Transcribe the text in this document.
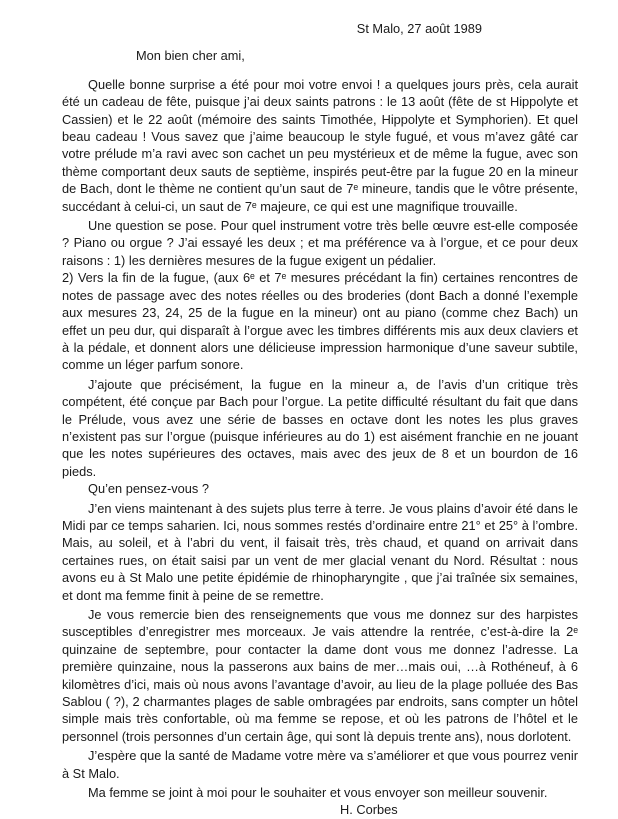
St Malo, 27 août 1989

Mon bien cher ami,

Quelle bonne surprise a été pour moi votre envoi ! a quelques jours près, cela aurait été un cadeau de fête, puisque j’ai deux saints patrons : le 13 août (fête de st Hippolyte et Cassien) et le 22 août (mémoire des saints Timothée, Hippolyte et Symphorien). Et quel beau cadeau ! Vous savez que j’aime beaucoup le style fugué, et vous m’avez gâté car votre prélude m’a ravi avec son cachet un peu mystérieux et de même la fugue, avec son thème comportant deux sauts de septième, inspirés peut-être par la fugue 20 en la mineur de Bach, dont le thème ne contient qu’un saut de 7ᵉ mineure, tandis que le vôtre présente, succédant à celui-ci, un saut de 7ᵉ majeure, ce qui est une magnifique trouvaille.

Une question se pose. Pour quel instrument votre très belle œuvre est-elle composée ? Piano ou orgue ? J’ai essayé les deux ; et ma préférence va à l’orgue, et ce pour deux raisons : 1) les dernières mesures de la fugue exigent un pédalier.

2) Vers la fin de la fugue, (aux 6ᵉ et 7ᵉ mesures précédant la fin) certaines rencontres de notes de passage avec des notes réelles ou des broderies (dont Bach a donné l’exemple aux mesures 23, 24, 25 de la fugue en la mineur) ont au piano (comme chez Bach) un effet un peu dur, qui disparaît à l’orgue avec les timbres différents mis aux deux claviers et à la pédale, et donnent alors une délicieuse impression harmonique d’une saveur subtile, comme un léger parfum sonore.

J’ajoute que précisément, la fugue en la mineur a, de l’avis d’un critique très compétent, été conçue par Bach pour l’orgue. La petite difficulté résultant du fait que dans le Prélude, vous avez une série de basses en octave dont les notes les plus graves n’existent pas sur l’orgue (puisque inférieures au do 1) est aisément franchie en ne jouant que les notes supérieures des octaves, mais avec des jeux de 8 et un bourdon de 16 pieds.

Qu’en pensez-vous ?

J’en viens maintenant à des sujets plus terre à terre. Je vous plains d’avoir été dans le Midi par ce temps saharien. Ici, nous sommes restés d’ordinaire entre 21° et 25° à l’ombre. Mais, au soleil, et à l’abri du vent, il faisait très, très chaud, et quand on arrivait dans certaines rues, on était saisi par un vent de mer glacial venant du Nord. Résultat : nous avons eu à St Malo une petite épidémie de rhinopharyngite , que j’ai traînée six semaines, et dont ma femme finit à peine de se remettre.

Je vous remercie bien des renseignements que vous me donnez sur des harpistes susceptibles d’enregistrer mes morceaux. Je vais attendre la rentrée, c’est-à-dire la 2ᵉ quinzaine de septembre, pour contacter la dame dont vous me donnez l’adresse. La première quinzaine, nous la passerons aux bains de mer…mais oui, …à Rothéneuf, à 6 kilomètres d’ici, mais où nous avons l’avantage d’avoir, au lieu de la plage polluée des Bas Sablou ( ?), 2 charmantes plages de sable ombragées par endroits, sans compter un hôtel simple mais très confortable, où ma femme se repose, et où les patrons de l’hôtel et le personnel (trois personnes d’un certain âge, qui sont là depuis trente ans), nous dorlotent.

J’espère que la santé de Madame votre mère va s’améliorer et que vous pourrez venir à St Malo.

Ma femme se joint à moi pour le souhaiter et vous envoyer son meilleur souvenir.

H. Corbes
